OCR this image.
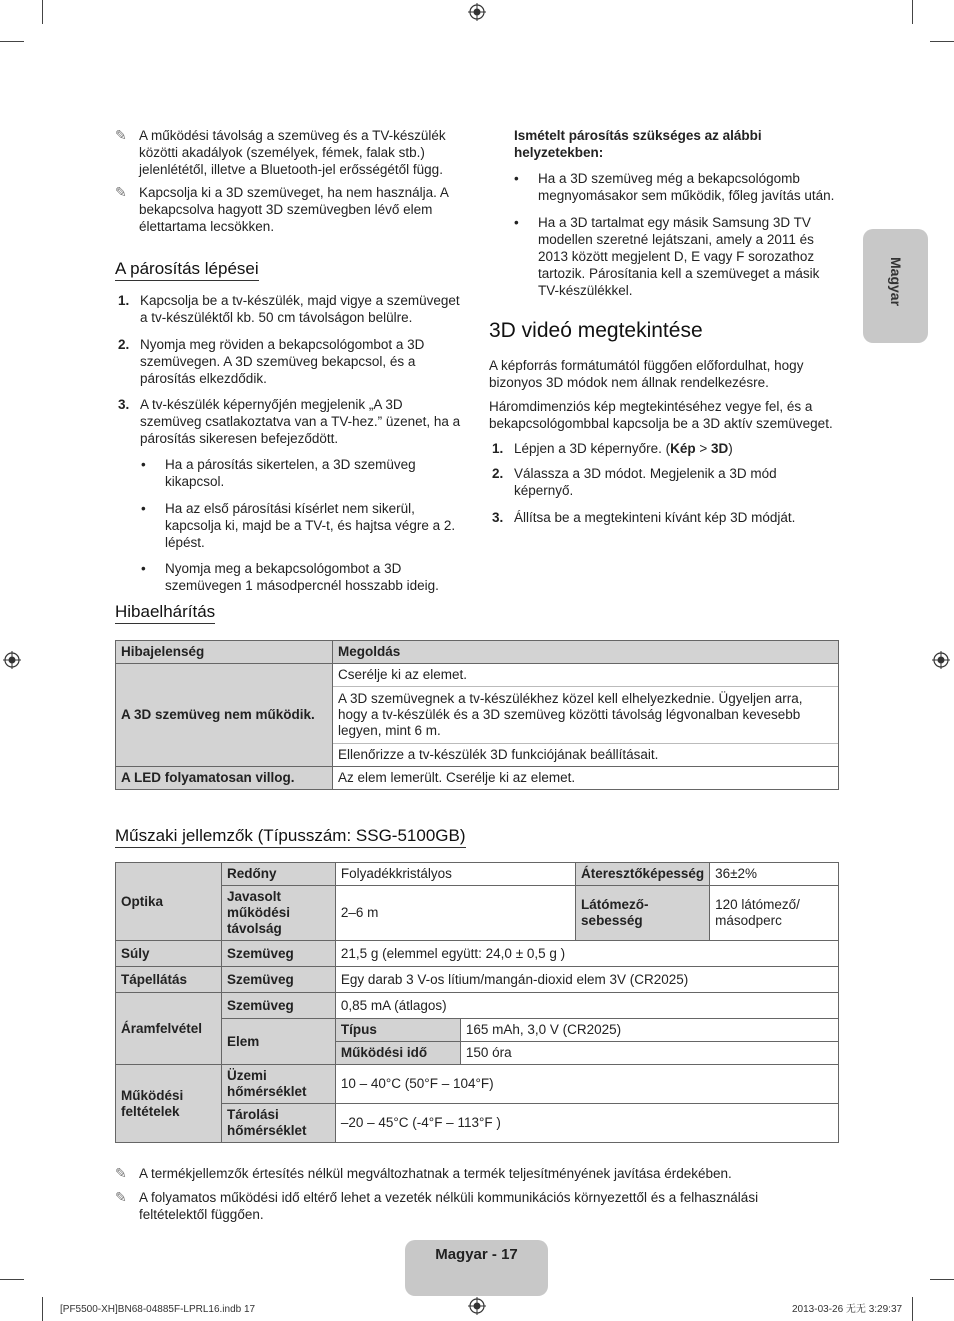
Magyar
✎ A működési távolság a szemüveg és a TV-készülék közötti akadályok (személyek, fémek, falak stb.) jelenlététől, illetve a Bluetooth-jel erősségétől függ.
✎ Kapcsolja ki a 3D szemüveget, ha nem használja. A bekapcsolva hagyott 3D szemüvegben lévő elem élettartama lecsökken.
A párosítás lépései
1. Kapcsolja be a tv-készülék, majd vigye a szemüveget a tv-készüléktől kb. 50 cm távolságon belülre.
2. Nyomja meg röviden a bekapcsológombot a 3D szemüvegen. A 3D szemüveg bekapcsol, és a párosítás elkezdődik.
3. A tv-készülék képernyőjén megjelenik „A 3D szemüveg csatlakoztatva van a TV-hez.” üzenet, ha a párosítás sikeresen befejeződött.
• Ha a párosítás sikertelen, a 3D szemüveg kikapcsol.
• Ha az első párosítási kísérlet nem sikerül, kapcsolja ki, majd be a TV-t, és hajtsa végre a 2. lépést.
• Nyomja meg a bekapcsológombot a 3D szemüvegen 1 másodpercnél hosszabb ideig.
Hibaelhárítás
Ismételt párosítás szükséges az alábbi helyzetekben:
• Ha a 3D szemüveg még a bekapcsológomb megnyomásakor sem működik, főleg javítás után.
• Ha a 3D tartalmat egy másik Samsung 3D TV modellen szeretné lejátszani, amely a 2011 és 2013 között megjelent D, E vagy F sorozathoz tartozik. Párosítania kell a szemüveget a másik TV-készülékkel.
3D videó megtekintése
A képforrás formátumától függően előfordulhat, hogy bizonyos 3D módok nem állnak rendelkezésre.
Háromdimenziós kép megtekintéséhez vegye fel, és a bekapcsológombbal kapcsolja be a 3D aktív szemüveget.
1. Lépjen a 3D képernyőre. (Kép > 3D)
2. Válassza a 3D módot. Megjelenik a 3D mód képernyő.
3. Állítsa be a megtekinteni kívánt kép 3D módját.
Hibajelenség	Megoldás
A 3D szemüveg nem működik.	Cserélje ki az elemet.
A 3D szemüvegnek a tv-készülékhez közel kell elhelyezkednie. Ügyeljen arra, hogy a tv-készülék és a 3D szemüveg közötti távolság légvonalban kevesebb legyen, mint 6 m.
Ellenőrizze a tv-készülék 3D funkciójának beállításait.

A LED folyamatosan villog.	Az elem lemerült. Cserélje ki az elemet.
Műszaki jellemzők (Típusszám: SSG-5100GB)
Optika	Redőny	Folyadékkristályos		Áteresztőképesség	36±2%
	Javasolt működési távolság	2–6 m		Látómező-sebesség	120 látómező/ másodperc
Súly	Szemüveg	21,5 g (elemmel együtt: 24,0 ± 0,5 g )			
Tápellátás	Szemüveg	Egy darab 3 V-os lítium/mangán-dioxid elem 3V (CR2025)			
Áramfelvétel	Szemüveg	0,85 mA (átlagos)			
	Elem	Típus	165 mAh, 3,0 V (CR2025)		
		Működési idő	150 óra		
Működési feltételek	Üzemi hőmérséklet	10 – 40°C (50°F – 104°F)			
	Tárolási hőmérséklet	–20 – 45°C (-4°F – 113°F )			
✎ A termékjellemzők értesítés nélkül megváltozhatnak a termék teljesítményének javítása érdekében.
✎ A folyamatos működési idő eltérő lehet a vezeték nélküli kommunikációs környezettől és a felhasználási feltételektől függően.
Magyar - 17
[PF5500-XH]BN68-04885F-LPRL16.indb 17	2013-03-26 无无 3:29:37
